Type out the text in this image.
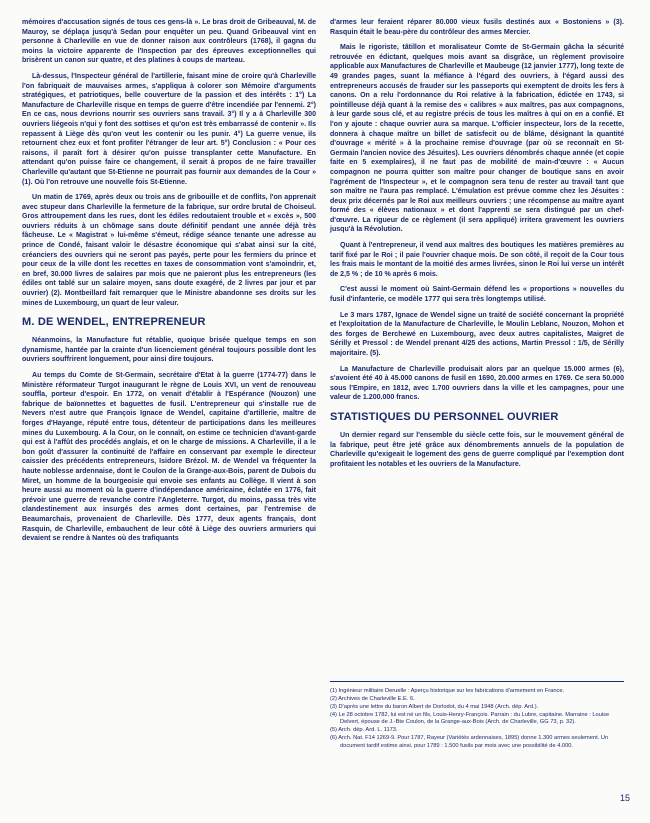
mémoires d'accusation signés de tous ces gens-là ». Le bras droit de Gribeauval, M. de Mauroy, se déplaça jusqu'à Sedan pour enquêter un peu. Quand Gribeauval vint en personne à Charleville en vue de donner raison aux contrôleurs (1768), il gagna du moins la victoire apparente de l'Inspection par des épreuves exceptionnelles qui brisèrent un canon sur quatre, et des platines à coups de marteau.

Là-dessus, l'Inspecteur général de l'artillerie, faisant mine de croire qu'à Charleville l'on fabriquait de mauvaises armes, s'appliqua à colorer son Mémoire d'arguments stratégiques, et patriotiques, belle couverture de la passion et des intérêts : 1°) La Manufacture de Charleville risque en temps de guerre d'être incendiée par l'ennemi. 2°) En ce cas, nous devrions nourrir ses ouvriers sans travail. 3°) Il y a à Charleville 300 ouvriers liégeois n'qui y font des sottises et qu'on est très embarrassé de contenir ». Ils repassent à Liège dès qu'on veut les contenir ou les punir. 4°) La guerre venue, ils retournent chez eux et font profiter l'étranger de leur art. 5°) Conclusion : « Pour ces raisons, il paraît fort à désirer qu'on puisse transplanter cette Manufacture. En attendant qu'on puisse faire ce changement, il serait à propos de ne faire travailler Charleville qu'autant que St-Etienne ne pourrait pas fournir aux demandes de la Cour » (1). Où l'on retrouve une nouvelle fois St-Etienne.

Un matin de 1769, après deux ou trois ans de gribouille et de conflits, l'on apprenait avec stupeur dans Charleville la fermeture de la fabrique, sur ordre brutal de Choiseul. Gros attroupement dans les rues, dont les édiles redoutaient trouble et « excès », 500 ouvriers réduits à un chômage sans doute définitif pendant une année déjà très fâcheuse. Le « Magistrat » lui-même s'émeut, rédige séance tenante une adresse au prince de Condé, faisant valoir le désastre économique qui s'abat ainsi sur la cité, créanciers des ouvriers qui ne seront pas payés, perte pour les fermiers du prince et pour ceux de la ville dont les recettes en taxes de consommation vont s'amoindrir, et, en bref, 30.000 livres de salaires par mois que ne paieront plus les entrepreneurs (les édiles ont tablé sur un salaire moyen, sans doute exagéré, de 2 livres par jour et par ouvrier) (2). Montbeillard fait remarquer que le Ministre abandonne ses droits sur les mines de Luxembourg, un quart de leur valeur.

M. DE WENDEL, ENTREPRENEUR

Néanmoins, la Manufacture fut rétablie, quoique brisée quelque temps en son dynamisme, hantée par la crainte d'un licenciement général toujours possible dont les ouvriers souffrirent longuement, pour ainsi dire toujours.

Au temps du Comte de St-Germain, secrétaire d'Etat à la guerre (1774-77) dans le Ministère réformateur Turgot inaugurant le règne de Louis XVI, un vent de renouveau souffla, porteur d'espoir. En 1772, on venait d'établir à l'Espérance (Nouzon) une fabrique de baïonnettes et baguettes de fusil. L'entrepreneur qui s'installe rue de Nevers n'est autre que François Ignace de Wendel, capitaine d'artillerie, maître de forges d'Hayange, réputé entre tous, détenteur de participations dans les meilleures mines du Luxembourg. A la Cour, on le connaît, on estime ce technicien d'avant-garde qui est à l'affût des procédés anglais, et on le charge de missions. A Charleville, il a le bon goût d'assurer la continuité de l'affaire en conservant par exemple le directeur caissier des précédents entrepreneurs, Isidore Brézol. M. de Wendel va fréquenter la haute noblesse ardennaise, dont le Coulon de la Grange-aux-Bois, parent de Dubois du Miret, un homme de la bourgeoisie qui envoie ses enfants au Collège. Il vient à son heure aussi au moment où la guerre d'indépendance américaine, éclatée en 1776, fait prévoir une guerre de revanche contre l'Angleterre. Turgot, du moins, passa très vite clandestinement aux insurgés des armes dont certaines, par l'entremise de Beaumarchais, provenaient de Charleville. Dès 1777, deux agents français, dont Rasquin, de Charleville, embauchent de leur côté à Liège des ouvriers armuriers qui devaient se rendre à Nantes où des trafiquants

d'armes leur feraient réparer 80.000 vieux fusils destinés aux « Bostoniens » (3). Rasquin était le beau-père du contrôleur des armes Mercier.

Mais le rigoriste, tâtillon et moralisateur Comte de St-Germain gâcha la sécurité retrouvée en édictant, quelques mois avant sa disgrâce, un règlement provisoire applicable aux Manufactures de Charleville et Maubeuge (12 janvier 1777), long texte de 49 grandes pages, suant la méfiance à l'égard des ouvriers, à l'égard aussi des entrepreneurs accusés de frauder sur les passeports qui exemptent de droits les fers à canons. On a relu l'ordonnance du Roi relative à la fabrication, édictée en 1743, si pointilleuse déjà quant à la remise des « calibres » aux maîtres, pas aux compagnons, à leur garde sous clé, et au registre précis de tous les maîtres à qui on en a confié. Et l'on y ajoute : chaque ouvrier aura sa marque. L'officier inspecteur, lors de la recette, donnera à chaque maître un billet de satisfecit ou de blâme, désignant la quantité d'ouvrage « mérité » à la prochaine remise d'ouvrage (par où se reconnaît en St-Germain l'ancien novice des Jésuites). Les ouvriers dénombrés chaque année (et copie faite en 5 exemplaires), il ne faut pas de mobilité de main-d'œuvre : « Aucun compagnon ne pourra quitter son maître pour changer de boutique sans en avoir l'agrément de l'Inspecteur », et le compagnon sera tenu de rester au travail tant que son maître ne l'aura pas remplacé. L'émulation est prévue comme chez les Jésuites : deux prix décernés par le Roi aux meilleurs ouvriers ; une récompense au maître ayant formé des « élèves nationaux » et dont l'apprenti se sera distingué par un chef-d'œuvre. La rigueur de ce règlement (il sera appliqué) irritera gravement les ouvriers jusqu'à la Révolution.

Quant à l'entrepreneur, il vend aux maîtres des boutiques les matières premières au tarif fixé par le Roi ; il paie l'ouvrier chaque mois. De son côté, il reçoit de la Cour tous les frais mais le montant de la moitié des armes livrées, sinon le Roi lui verse un intérêt de 2,5 % ; de 10 % après 6 mois.

C'est aussi le moment où Saint-Germain défend les « proportions » nouvelles du fusil d'infanterie, ce modèle 1777 qui sera très longtemps utilisé.

Le 3 mars 1787, Ignace de Wendel signe un traité de société concernant la propriété et l'exploitation de la Manufacture de Charleville, le Moulin Leblanc, Nouzon, Mohon et des forges de Berchewé en Luxembourg, avec deux autres capitalistes, Maigret de Sérilly et Pressol : de Wendel prenant 4/25 des actions, Martin Pressol : 1/5, de Sérilly majoritaire. (5).

La Manufacture de Charleville produisait alors par an quelque 15.000 armes (6), s'avoient été 40 à 45.000 canons de fusil en 1690, 20.000 armes en 1769. Ce sera 50.000 sous l'Empire, en 1812, avec 1.700 ouvriers dans la ville et les campagnes, pour une valeur de 1.200.000 francs.

STATISTIQUES DU PERSONNEL OUVRIER

Un dernier regard sur l'ensemble du siècle cette fois, sur le mouvement général de la fabrique, peut être jeté grâce aux dénombrements annuels de la population de Charleville qu'exigeait le logement des gens de guerre compliqué par l'exemption dont profitaient les notables et les ouvriers de la Manufacture.

(1) Ingénieur militaire Deruelle : Aperçu historique sur les fabrications d'armement en France.

(2) Archives de Charleville E.E. 6.

(3) D'après une lettre du baron Albert de Dorlodot, du 4 mai 1948 (Arch. dép. Ard.).

(4) Le 28 octobre 1782, lui est né un fils, Louis-Henry-François. Parrain : du Lubre, capitaine. Marraine : Louise Delvert, épouse de J.-Bte Coulon, de la Grange-aux-Bois (Arch. de Charleville, GG 73, p. 32).

(5) Arch. dép. Ard. L. 1173.

(6) Arch. Nat. F14 1269-9. Pour 1787, Rayeur (Variétés ardennaises, 1895) donne 1.300 armes seulement. Un document tardif estime ainsi, pour 1789 : 1.500 fusils par mois avec une possibilité de 4.000.

15
